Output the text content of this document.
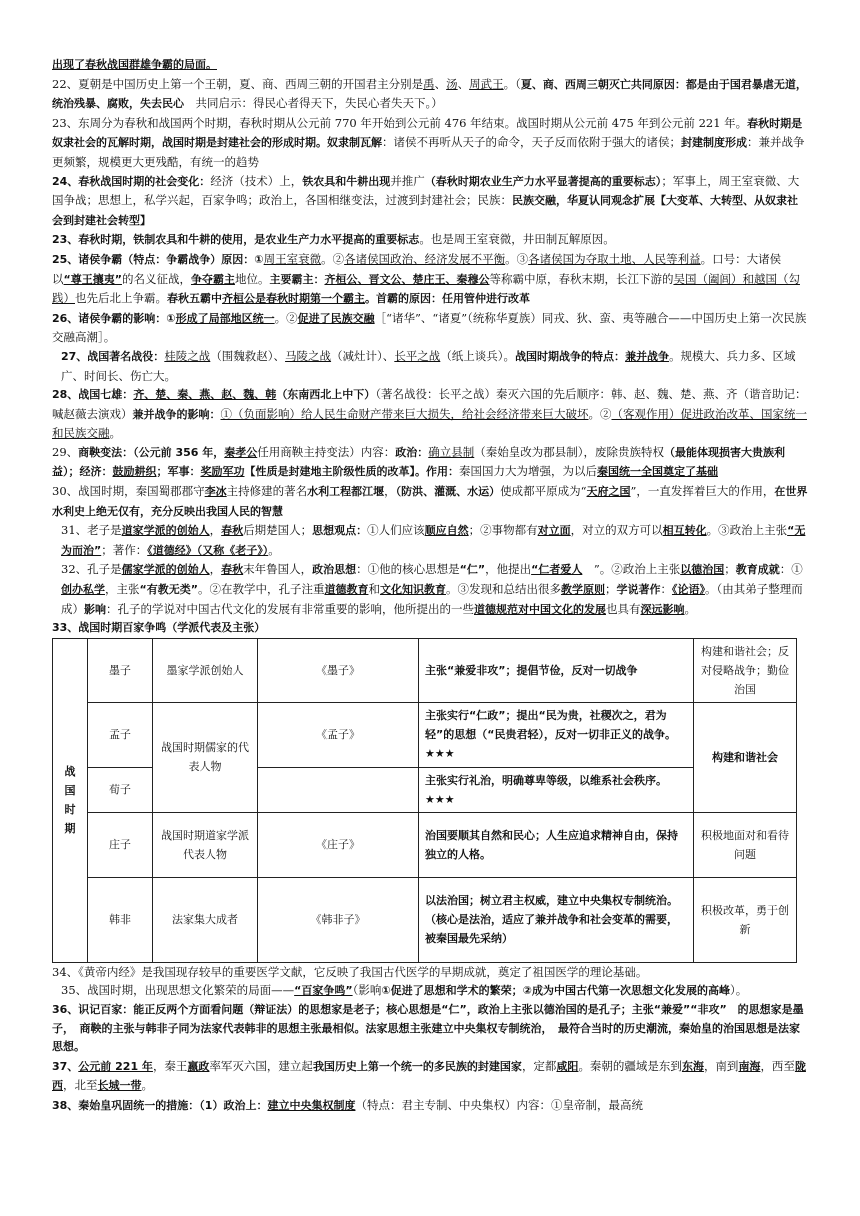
出现了春秋战国群雄争霸的局面。

22、夏朝是中国历史上第一个王朝，夏、商、西周三朝的开国君主分别是禹、汤、周武王。（夏、商、西周三朝灭亡共同原因：都是由于国君暴虐无道，统治残暴、腐败，失去民心　共同启示：得民心者得天下，失民心者失天下。）

23、东周分为春秋和战国两个时期，春秋时期从公元前 770 年开始到公元前 476 年结束。战国时期从公元前 475 年到公元前 221 年。春秋时期是奴隶社会的瓦解时期，战国时期是封建社会的形成时期。奴隶制瓦解：诸侯不再听从天子的命令，天子反而依附于强大的诸侯；封建制度形成：兼并战争更频繁，规模更大更残酷，有统一的趋势

24、春秋战国时期的社会变化：经济（技术）上，铁农具和牛耕出现并推广（春秋时期农业生产力水平显著提高的重要标志）；军事上，周王室衰微、大国争战；思想上，私学兴起，百家争鸣；政治上，各国相继变法，过渡到封建社会；民族：民族交融，华夏认同观念扩展【大变革、大转型、从奴隶社会到封建社会转型】

23、春秋时期，铁制农具和牛耕的使用，是农业生产力水平提高的重要标志。也是周王室衰微，井田制瓦解原因。

25、诸侯争霸（特点：争霸战争）原因：①周王室衰微。②各诸侯国政治、经济发展不平衡。③各诸侯国为夺取土地、人民等利益。口号：大诸侯以“尊王攘夷”的名义征战，争夺霸主地位。主要霸主：齐桓公、晋文公、楚庄王、秦穆公等称霸中原，春秋末期，长江下游的吴国（阖闾）和越国（勾践）也先后北上争霸。春秋五霸中齐桓公是春秋时期第一个霸主。首霸的原因：任用管仲进行改革

26、诸侯争霸的影响：①形成了局部地区统一。②促进了民族交融［“诸华”、“诸夏”（统称华夏族）同戎、狄、蛮、夷等融合——中国历史上第一次民族交融高潮］。

27、战国著名战役：桂陵之战（围魏救赵）、马陵之战（减灶计）、长平之战（纸上谈兵）。战国时期战争的特点：兼并战争。规模大、兵力多、区域广、时间长、伤亡大。

28、战国七雄：齐、楚、秦、燕、赵、魏、韩（东南西北上中下）（著名战役：长平之战）秦灭六国的先后顺序：韩、赵、魏、楚、燕、齐（谐音助记：喊赵薇去演戏）兼并战争的影响：①（负面影响）给人民生命财产带来巨大损失，给社会经济带来巨大破坏。②（客观作用）促进政治改革、国家统一和民族交融。

29、商鞅变法：（公元前 356 年，秦孝公任用商鞅主持变法）内容：政治：确立县制（秦始皇改为郡县制），废除贵族特权（最能体现损害大贵族利益）；经济：鼓励耕织；军事：奖励军功【性质是封建地主阶级性质的改革】。作用：秦国国力大为增强，为以后秦国统一全国奠定了基础

30、战国时期，秦国蜀郡郡守李冰主持修建的著名水利工程都江堰，（防洪、灌溉、水运）使成都平原成为“天府之国”，一直发挥着巨大的作用，在世界水利史上绝无仅有，充分反映出我国人民的智慧

31、老子是道家学派的创始人，春秋后期楚国人；思想观点：①人们应该顺应自然；②事物都有对立面，对立的双方可以相互转化。③政治上主张“无为而治”；著作：《道德经》（又称《老子》）。

32、孔子是儒家学派的创始人，春秋末年鲁国人，政治思想：①他的核心思想是“仁”，他提出“仁者爱人　”。②政治上主张以德治国；教育成就：①创办私学，主张“有教无类”。②在教学中，孔子注重道德教育和文化知识教育。③发现和总结出很多教学原则；学说著作：《论语》。（由其弟子整理而成）影响：孔子的学说对中国古代文化的发展有非常重要的影响，他所提出的一些道德规范对中国文化的发展也具有深远影响。

33、战国时期百家争鸣（学派代表及主张）

战
国
时
期	墨子	墨家学派创始人	《墨子》	主张“兼爱非攻”；提倡节俭，反对一切战争	构建和谐社会；反对侵略战争；勤俭治国
	孟子	战国时期儒家的代表人物	《孟子》	主张实行“仁政”；提出“民为贵，社稷次之，君为轻”的思想（“民贵君轻），反对一切非正义的战争。★★★	构建和谐社会
	荀子			主张实行礼治，明确尊卑等级，以维系社会秩序。★★★	
	庄子	战国时期道家学派代表人物	《庄子》	治国要顺其自然和民心；人生应追求精神自由，保持独立的人格。	积极地面对和看待问题
	韩非	法家集大成者	《韩非子》	以法治国；树立君主权威，建立中央集权专制统治。（核心是法治，适应了兼并战争和社会变革的需要，被秦国最先采纳）	积极改革，勇于创新

34、《黄帝内经》是我国现存较早的重要医学文献，它反映了我国古代医学的早期成就，奠定了祖国医学的理论基础。

35、战国时期，出现思想文化繁荣的局面——“百家争鸣”（影响①促进了思想和学术的繁荣；②成为中国古代第一次思想文化发展的高峰）。

36、识记百家：能正反两个方面看问题（辩证法）的思想家是老子；核心思想是“仁”，政治上主张以德治国的是孔子；主张“兼爱”“非攻”　的思想家是墨子，　商鞅的主张与韩非子同为法家代表韩非的思想主张最相似。法家思想主张建立中央集权专制统治，　最符合当时的历史潮流，秦始皇的治国思想是法家思想。

37、公元前 221 年，秦王嬴政率军灭六国，建立起我国历史上第一个统一的多民族的封建国家，定都咸阳。秦朝的疆域是东到东海，南到南海，西至陇西，北至长城一带。

38、秦始皇巩固统一的措施：（1）政治上：建立中央集权制度（特点：君主专制、中央集权）内容：①皇帝制，最高统
